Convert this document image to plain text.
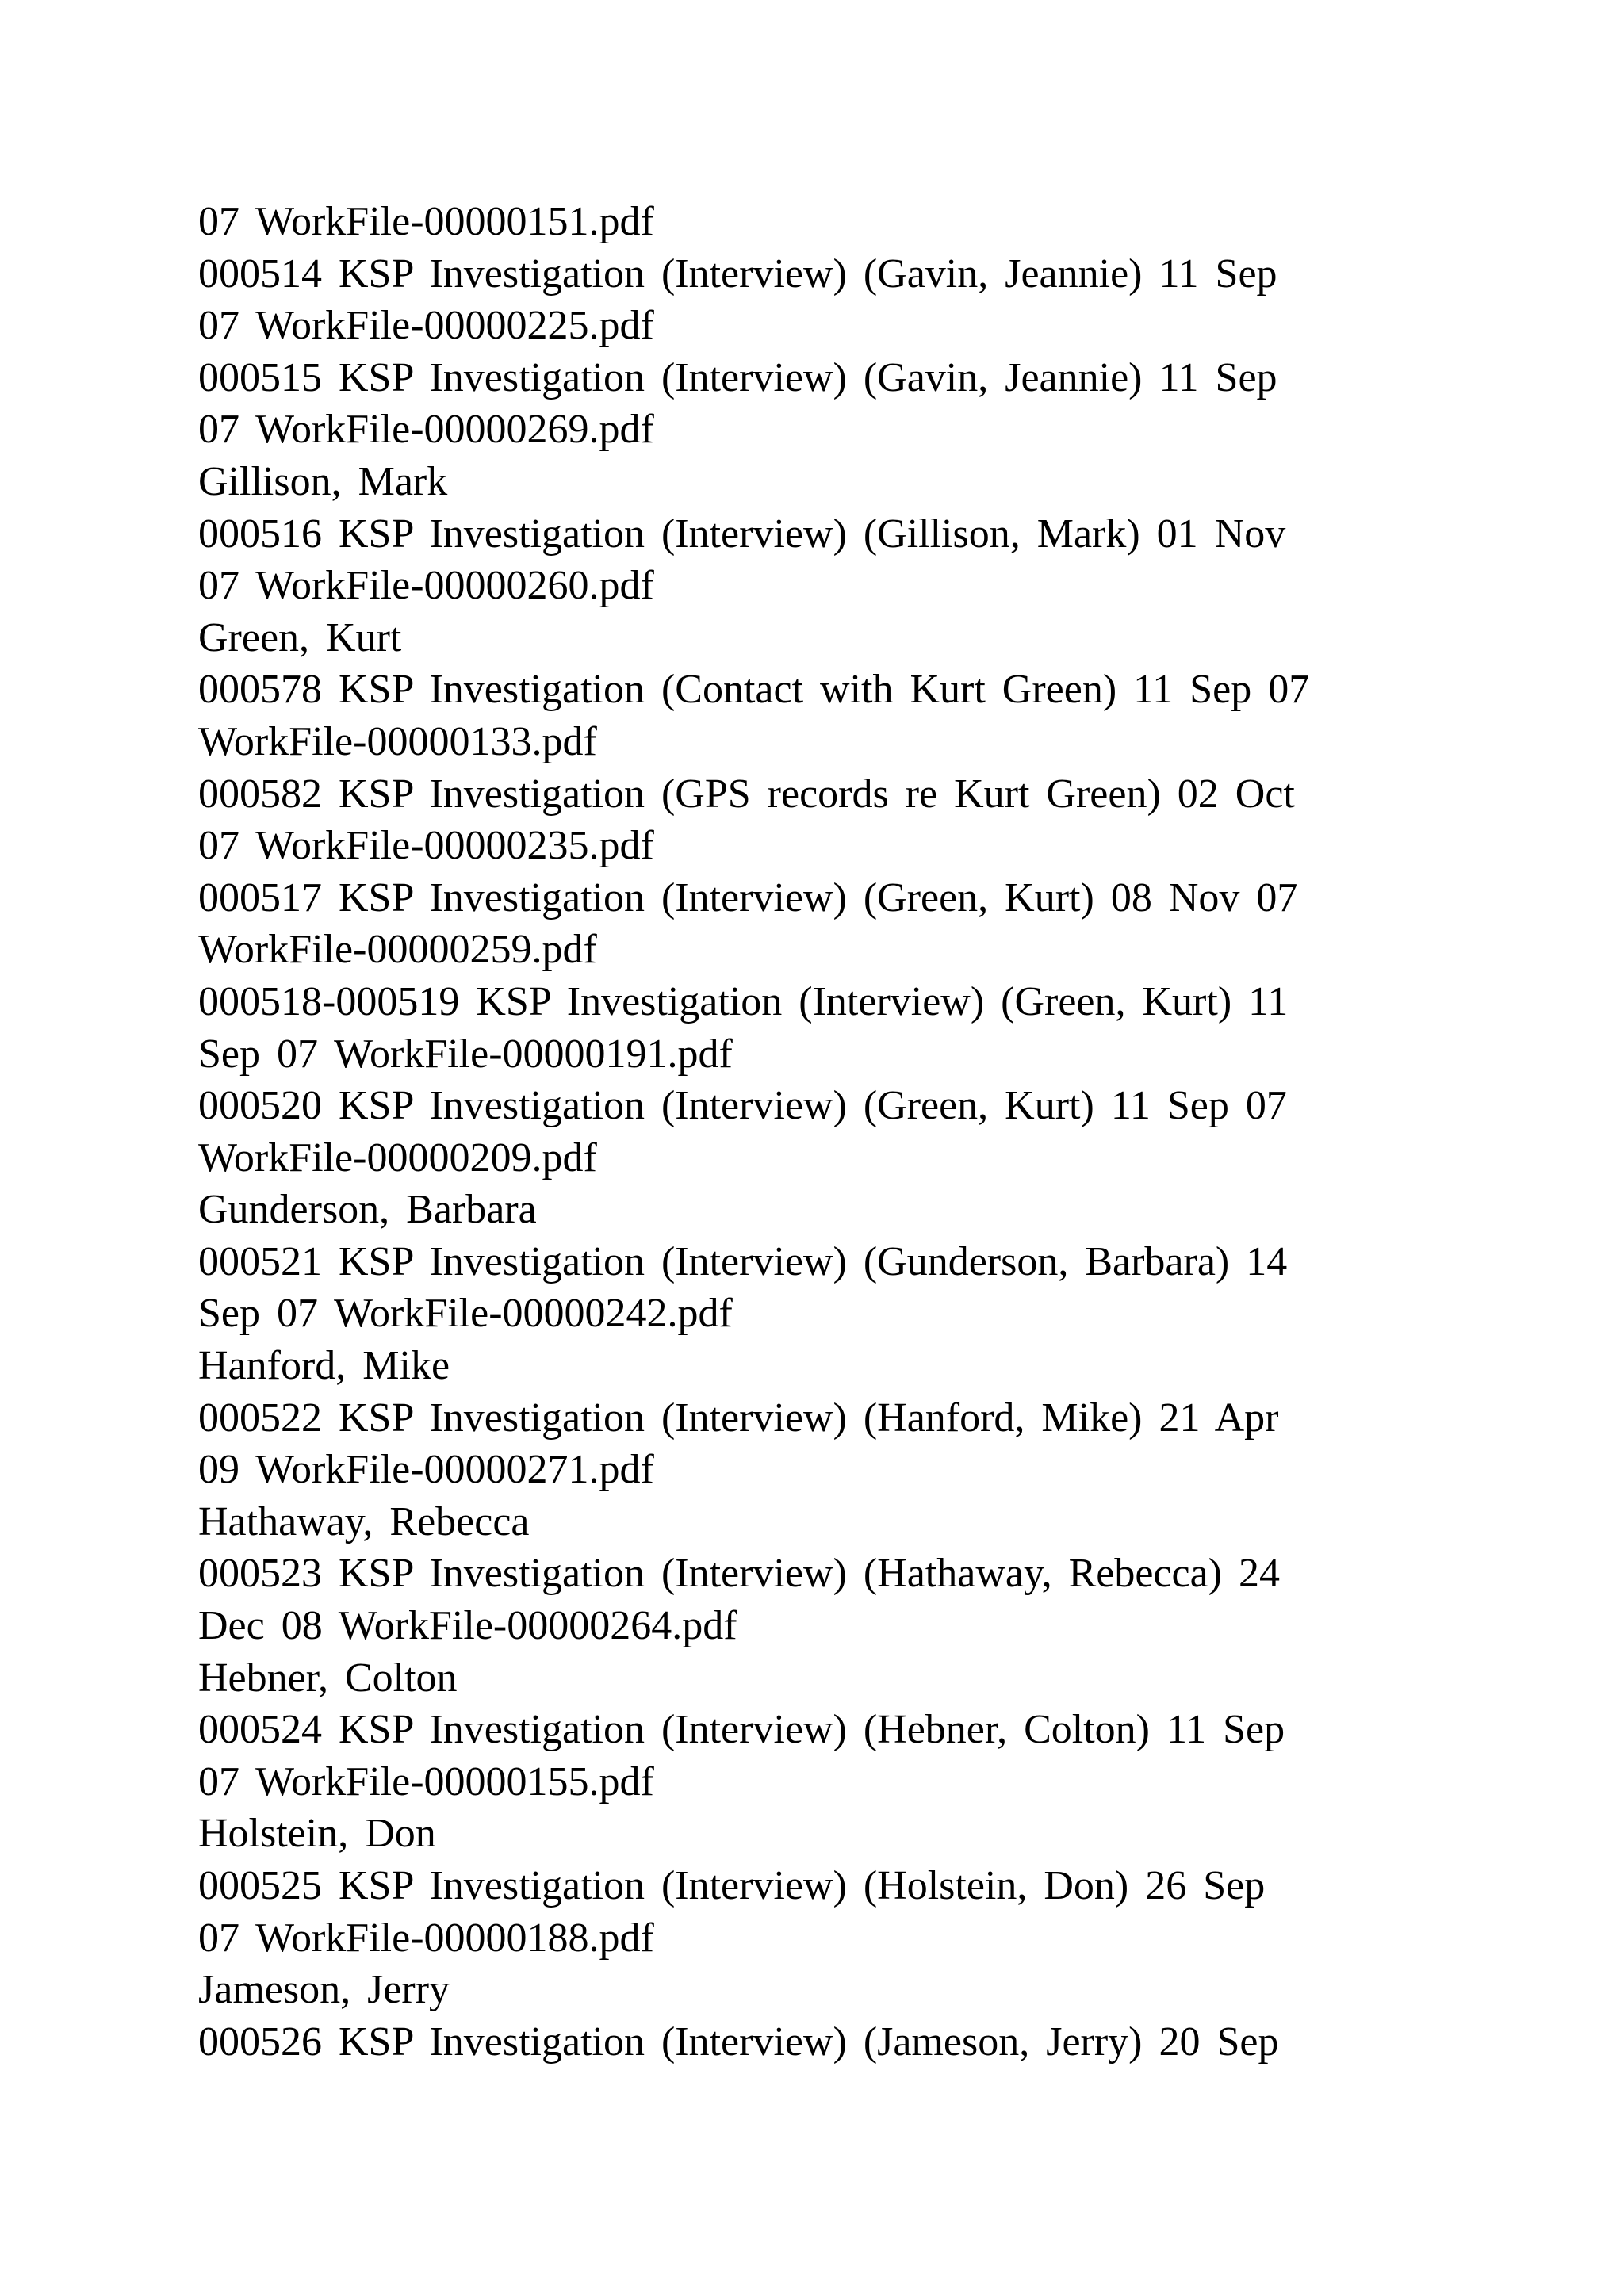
07 WorkFile-00000151.pdf
000514 KSP Investigation (Interview) (Gavin, Jeannie) 11 Sep
07 WorkFile-00000225.pdf
000515 KSP Investigation (Interview) (Gavin, Jeannie) 11 Sep
07 WorkFile-00000269.pdf
Gillison, Mark
000516 KSP Investigation (Interview) (Gillison, Mark) 01 Nov
07 WorkFile-00000260.pdf
Green, Kurt
000578 KSP Investigation (Contact with Kurt Green) 11 Sep 07
WorkFile-00000133.pdf
000582 KSP Investigation (GPS records re Kurt Green) 02 Oct
07 WorkFile-00000235.pdf
000517 KSP Investigation (Interview) (Green, Kurt) 08 Nov 07
WorkFile-00000259.pdf
000518-000519 KSP Investigation (Interview) (Green, Kurt) 11
Sep 07 WorkFile-00000191.pdf
000520 KSP Investigation (Interview) (Green, Kurt) 11 Sep 07
WorkFile-00000209.pdf
Gunderson, Barbara
000521 KSP Investigation (Interview) (Gunderson, Barbara) 14
Sep 07 WorkFile-00000242.pdf
Hanford, Mike
000522 KSP Investigation (Interview) (Hanford, Mike) 21 Apr
09 WorkFile-00000271.pdf
Hathaway, Rebecca
000523 KSP Investigation (Interview) (Hathaway, Rebecca) 24
Dec 08 WorkFile-00000264.pdf
Hebner, Colton
000524 KSP Investigation (Interview) (Hebner, Colton) 11 Sep
07 WorkFile-00000155.pdf
Holstein, Don
000525 KSP Investigation (Interview) (Holstein, Don) 26 Sep
07 WorkFile-00000188.pdf
Jameson, Jerry
000526 KSP Investigation (Interview) (Jameson, Jerry) 20 Sep
